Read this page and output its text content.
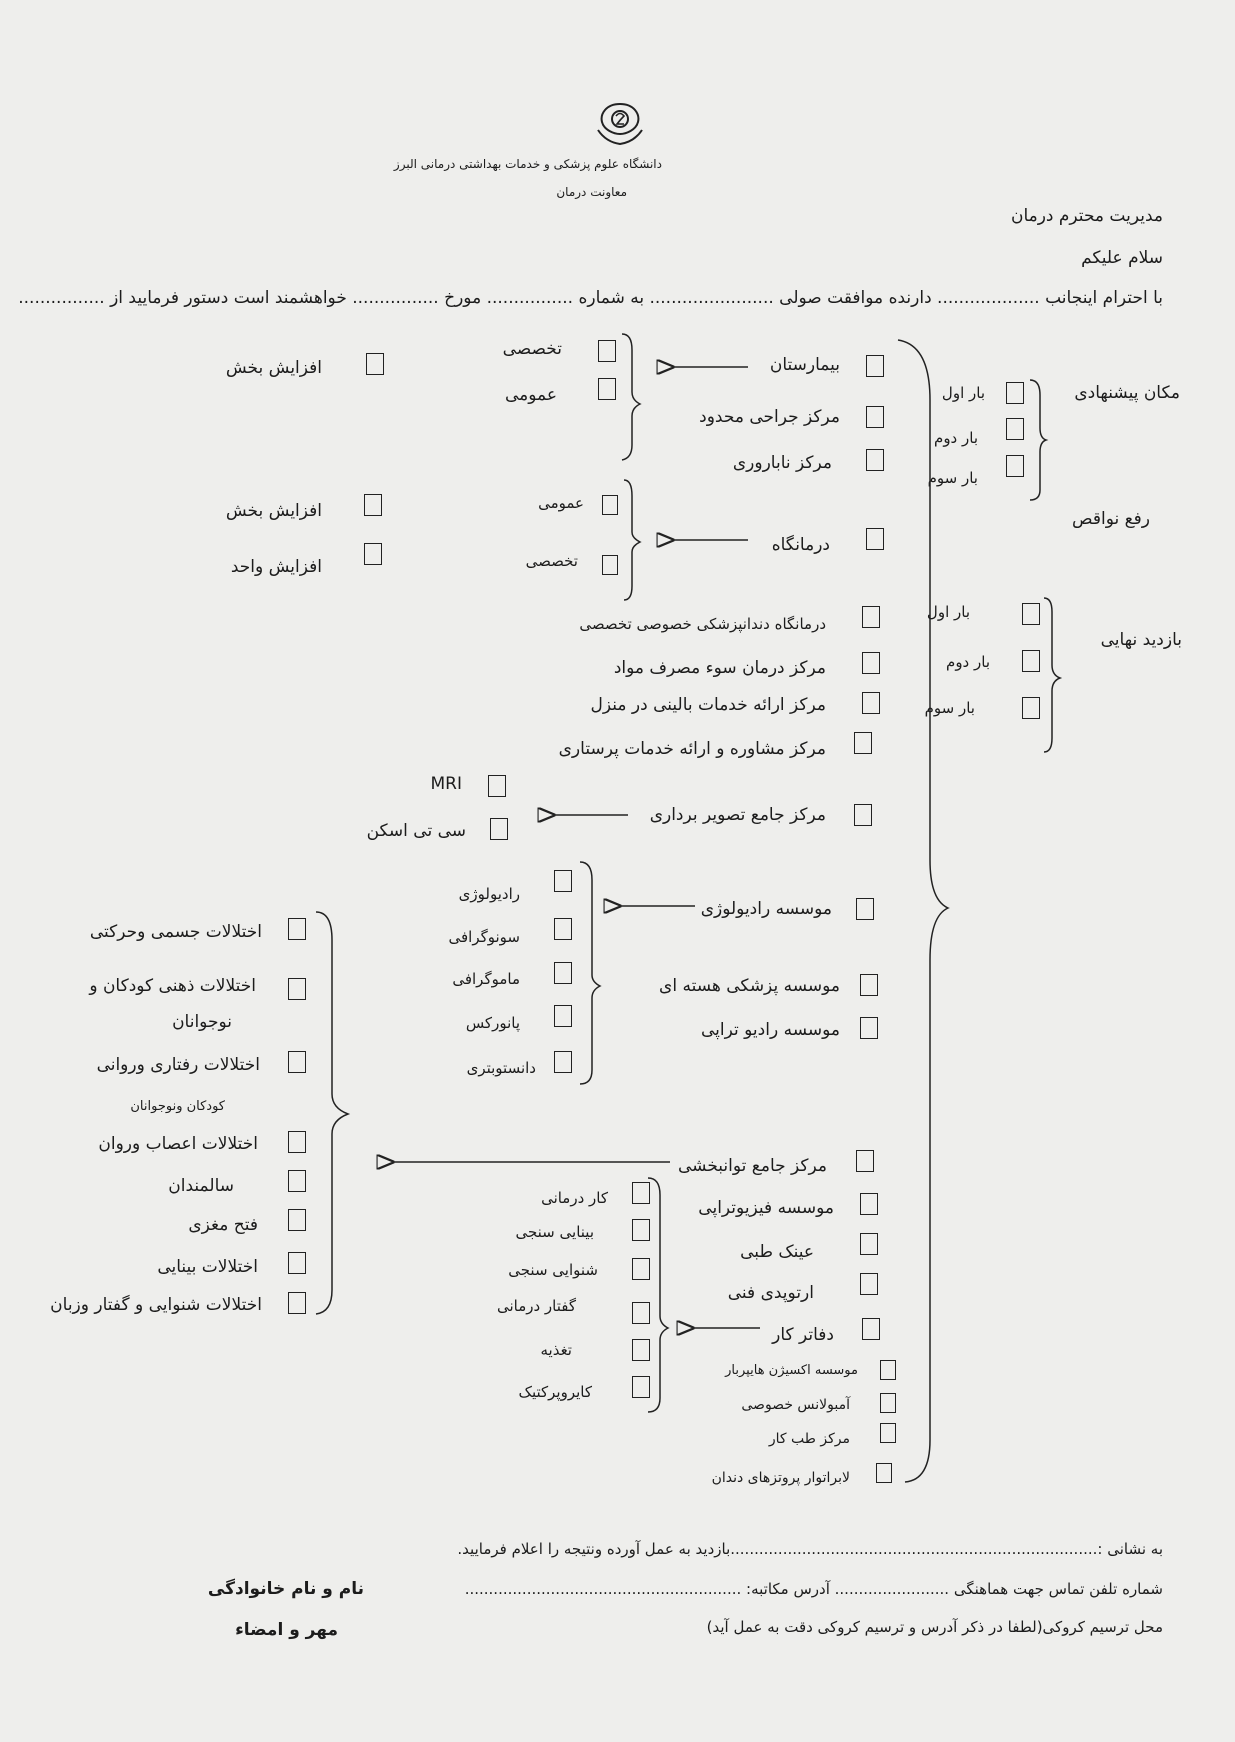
دانشگاه علوم پزشکی و خدمات بهداشتی درمانی البرز
معاونت درمان
مدیریت محترم درمان
سلام علیکم
با احترام اینجانب ................... دارنده موافقت صولی ....................... به شماره ................ مورخ ................ خواهشمند است دستور فرمایید از ................
مکان پیشنهادی
رفع نواقص
بازدید نهایی
بار اول
بار دوم
بار سوم
بار اول
بار دوم
بار سوم
بیمارستان
تخصصی
عمومی
افزایش بخش
مرکز جراحی محدود
مرکز ناباروری
درمانگاه
عمومی
تخصصی
افزایش بخش
افزایش واحد
درمانگاه دندانپزشکی خصوصی تخصصی
مرکز درمان سوء مصرف مواد
مرکز ارائه خدمات بالینی در منزل
مرکز مشاوره و ارائه خدمات پرستاری
مرکز جامع تصویر برداری
MRI
سی تی اسکن
موسسه رادیولوژی
رادیولوژی
سونوگرافی
ماموگرافی
پانورکس
دانستوبتری
موسسه پزشکی هسته ای
موسسه رادیو تراپی
مرکز جامع توانبخشی
موسسه فیزیوتراپی
عینک طبی
ارتوپدی فنی
دفاتر کار
موسسه اکسیژن هایپربار
آمبولانس خصوصی
مرکز طب کار
لابراتوار پروتزهای دندان
کار درمانی
بینایی سنجی
شنوایی سنجی
گفتار درمانی
تغذیه
کایروپرکتیک
اختلالات جسمی وحرکتی
اختلالات ذهنی کودکان و
نوجوانان
اختلالات رفتاری وروانی
کودکان ونوجوانان
اختلالات اعصاب وروان
سالمندان
فتح مغزی
اختلالات بینایی
اختلالات شنوایی و گفتار وزبان
به نشانی :.............................................................................بازدید به عمل آورده ونتیجه را اعلام فرمایید.
شماره تلفن تماس جهت هماهنگی ........................ آدرس مکاتبه: ..........................................................
محل ترسیم کروکی(لطفا در ذکر آدرس و ترسیم کروکی دقت به عمل آید)
نام و نام خانوادگی
مهر و امضاء
